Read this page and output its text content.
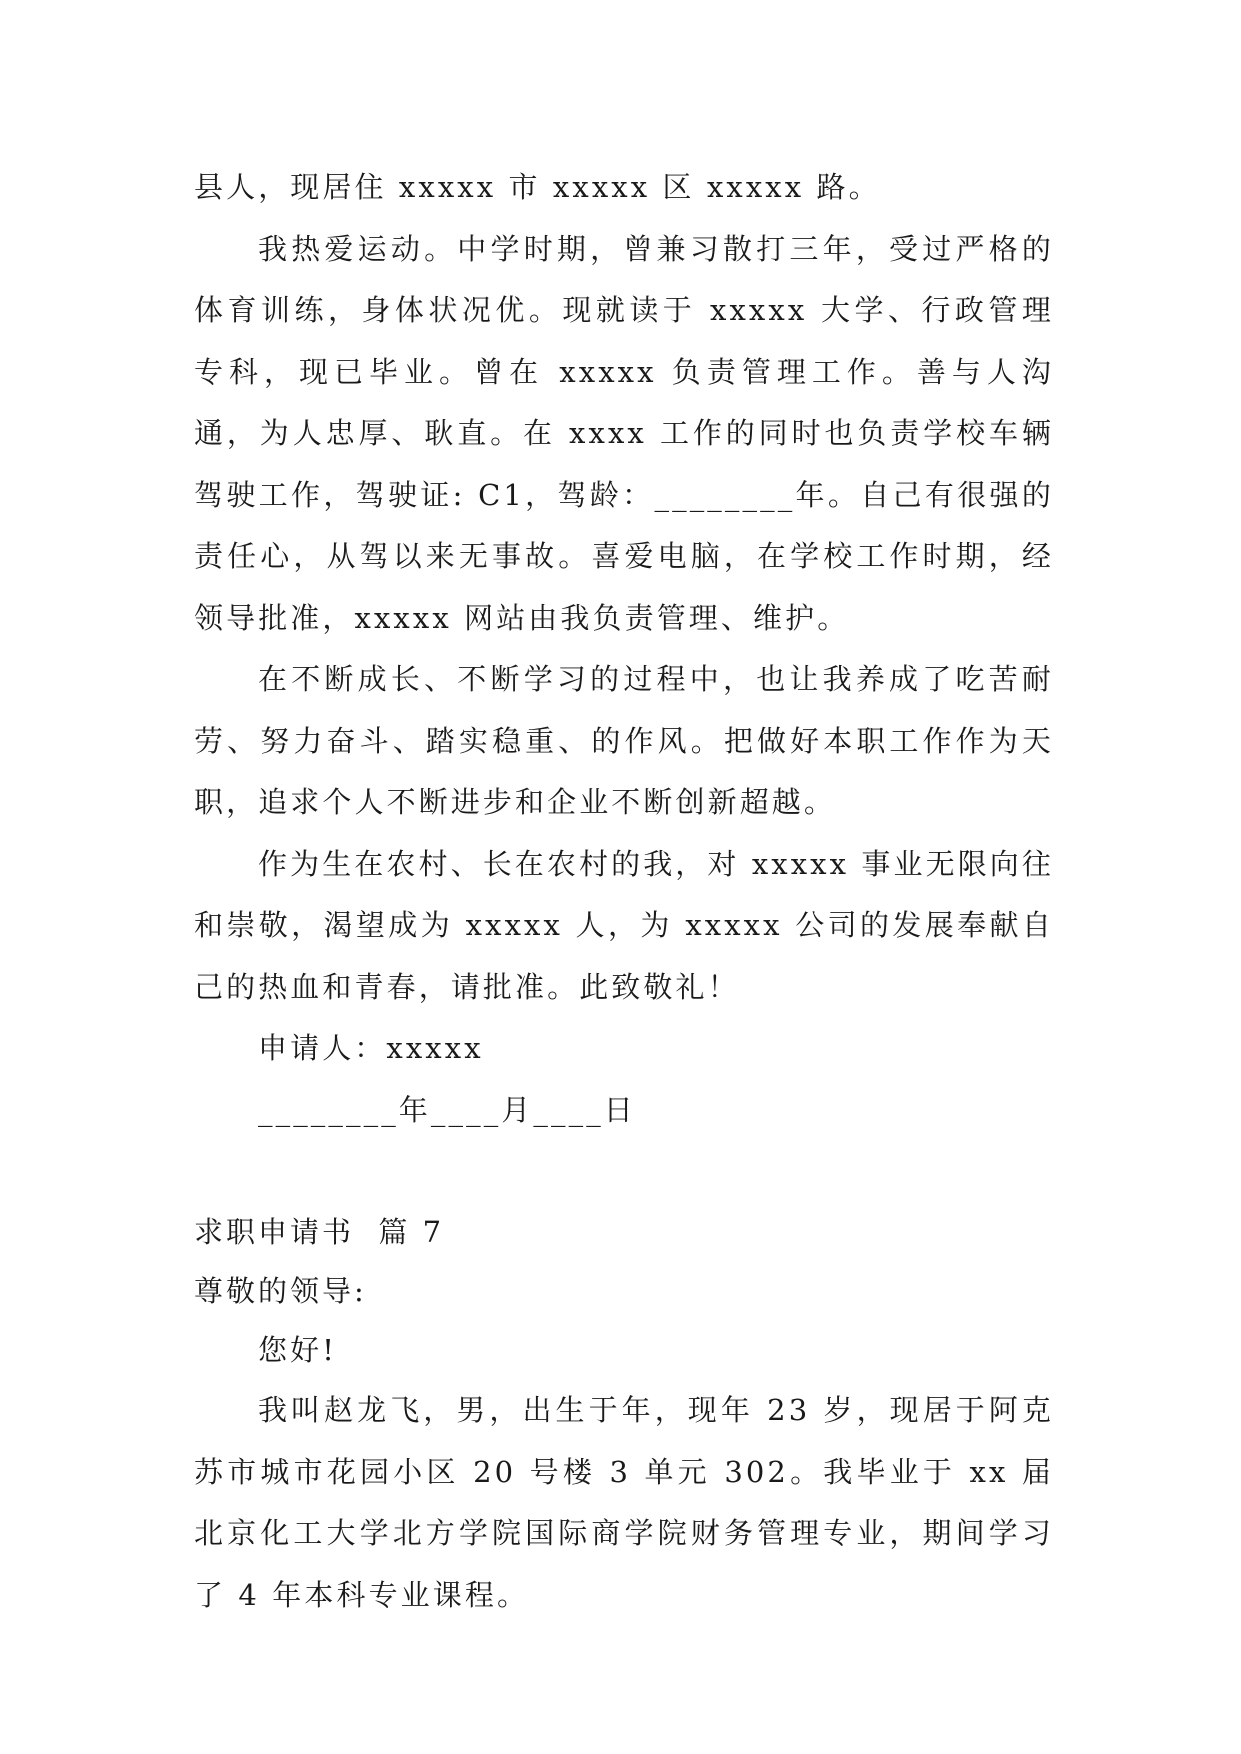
县人，现居住 xxxxx 市 xxxxx 区 xxxxx 路。

我热爱运动。中学时期，曾兼习散打三年，受过严格的体育训练，身体状况优。现就读于 xxxxx 大学、行政管理专科，现已毕业。曾在 xxxxx 负责管理工作。善与人沟通，为人忠厚、耿直。在 xxxx 工作的同时也负责学校车辆驾驶工作，驾驶证: C1，驾龄：________年。自己有很强的责任心，从驾以来无事故。喜爱电脑，在学校工作时期，经领导批准，xxxxx 网站由我负责管理、维护。

在不断成长、不断学习的过程中，也让我养成了吃苦耐劳、努力奋斗、踏实稳重、的作风。把做好本职工作作为天职，追求个人不断进步和企业不断创新超越。

作为生在农村、长在农村的我，对 xxxxx 事业无限向往和崇敬，渴望成为 xxxxx 人，为 xxxxx 公司的发展奉献自己的热血和青春，请批准。此致敬礼！

申请人：xxxxx

________年____月____日

求职申请书  篇 7

尊敬的领导:

您好!

我叫赵龙飞，男，出生于年，现年 23 岁，现居于阿克苏市城市花园小区 20 号楼 3 单元 302。我毕业于 xx 届北京化工大学北方学院国际商学院财务管理专业，期间学习了 4 年本科专业课程。
